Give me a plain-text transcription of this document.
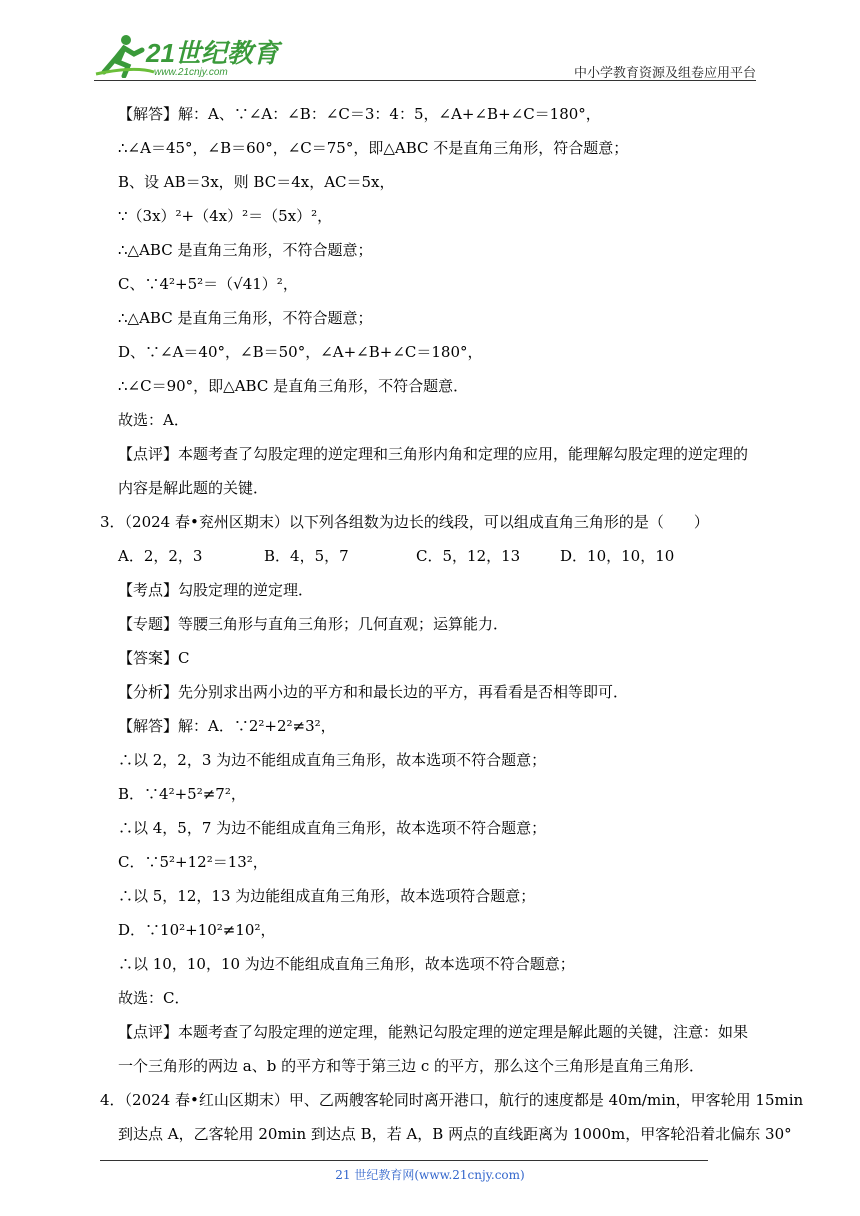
21世纪教育
www.21cnjy.com	中小学教育资源及组卷应用平台
【解答】解：A、∵∠A：∠B：∠C＝3：4：5，∠A+∠B+∠C＝180°，
∴∠A＝45°，∠B＝60°，∠C＝75°，即△ABC 不是直角三角形，符合题意；
B、设 AB＝3x，则 BC＝4x，AC＝5x，
∵（3x）²+（4x）²＝（5x）²，
∴△ABC 是直角三角形，不符合题意；
C、∵4²+5²＝（√41）²，
∴△ABC 是直角三角形，不符合题意；
D、∵∠A＝40°，∠B＝50°，∠A+∠B+∠C＝180°，
∴∠C＝90°，即△ABC 是直角三角形，不符合题意．
故选：A．
【点评】本题考查了勾股定理的逆定理和三角形内角和定理的应用，能理解勾股定理的逆定理的
内容是解此题的关键．
3．（2024 春•兖州区期末）以下列各组数为边长的线段，可以组成直角三角形的是（　　）
A．2，2，3	B．4，5，7	C．5，12，13	D．10，10，10
【考点】勾股定理的逆定理．
【专题】等腰三角形与直角三角形；几何直观；运算能力．
【答案】C
【分析】先分别求出两小边的平方和和最长边的平方，再看看是否相等即可．
【解答】解：A．∵2²+2²≠3²，
∴以 2，2，3 为边不能组成直角三角形，故本选项不符合题意；
B．∵4²+5²≠7²，
∴以 4，5，7 为边不能组成直角三角形，故本选项不符合题意；
C．∵5²+12²＝13²，
∴以 5，12，13 为边能组成直角三角形，故本选项符合题意；
D．∵10²+10²≠10²，
∴以 10，10，10 为边不能组成直角三角形，故本选项不符合题意；
故选：C．
【点评】本题考查了勾股定理的逆定理，能熟记勾股定理的逆定理是解此题的关键，注意：如果
一个三角形的两边 a、b 的平方和等于第三边 c 的平方，那么这个三角形是直角三角形．
4．（2024 春•红山区期末）甲、乙两艘客轮同时离开港口，航行的速度都是 40m/min，甲客轮用 15min
到达点 A，乙客轮用 20min 到达点 B，若 A，B 两点的直线距离为 1000m，甲客轮沿着北偏东 30°
21 世纪教育网(www.21cnjy.com)
